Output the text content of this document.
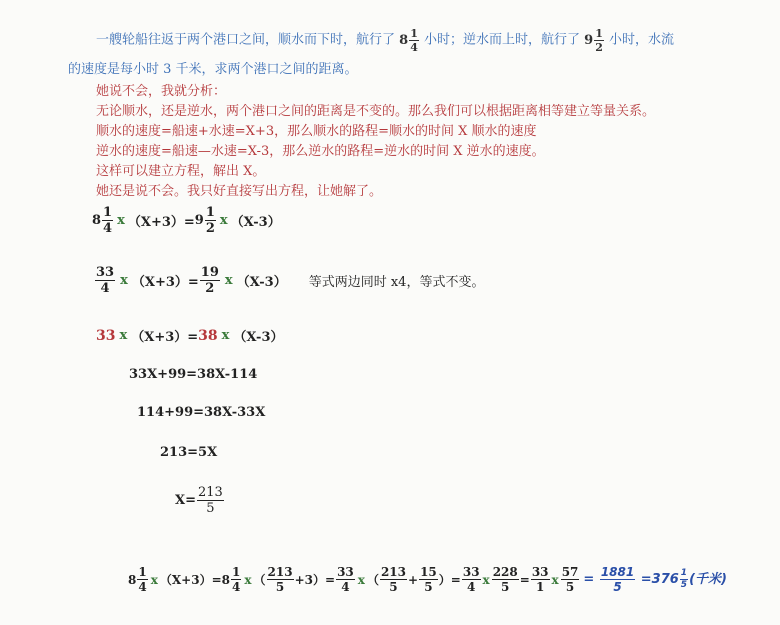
一艘轮船往返于两个港口之间，顺水而下时，航行了 $8 \frac{1}{4}$ 小时；逆水而上时，航行了 $9 \frac{1}{2}$ 小时，水流
的速度是每小时 3 千米，求两个港口之间的距离。
她说不会，我就分析：
无论顺水，还是逆水，两个港口之间的距离是不变的。那么我们可以根据距离相等建立等量关系。
顺水的速度=船速+水速=X+3，那么顺水的路程=顺水的时间 X 顺水的速度
逆水的速度=船速—水速=X-3，那么逆水的路程=逆水的时间 X 逆水的速度。
这样可以建立方程，解出 X。
她还是说不会。我只好直接写出方程，让她解了。
$8 \frac{1}{4}$ x $(X+3)= 9 \frac{1}{2}$ x （X-3）
$\frac{33}{4}$ x $(X+3)= \frac{19}{2}$ x （X-3） 等式两边同时 x4，等式不变。
33 x （X+3）= 38 x （X-3）
33X+99=38X-114
114+99=38X-33X
213=5X
$X= \frac{213}{5}$
$8 \frac{1}{4}$ x $(X+3)= 8 \frac{1}{4}$ x （ $\frac{213}{5} +3)= \frac{33}{4}$ x （ $\frac{213}{5} + \frac{15}{5}$ ）= $\frac{33}{4}$ x $\frac{228}{5} = \frac{33}{1}$ x $\frac{57}{5} = \frac{1881}{5} =376 \frac{1}{5}$ (千米)
